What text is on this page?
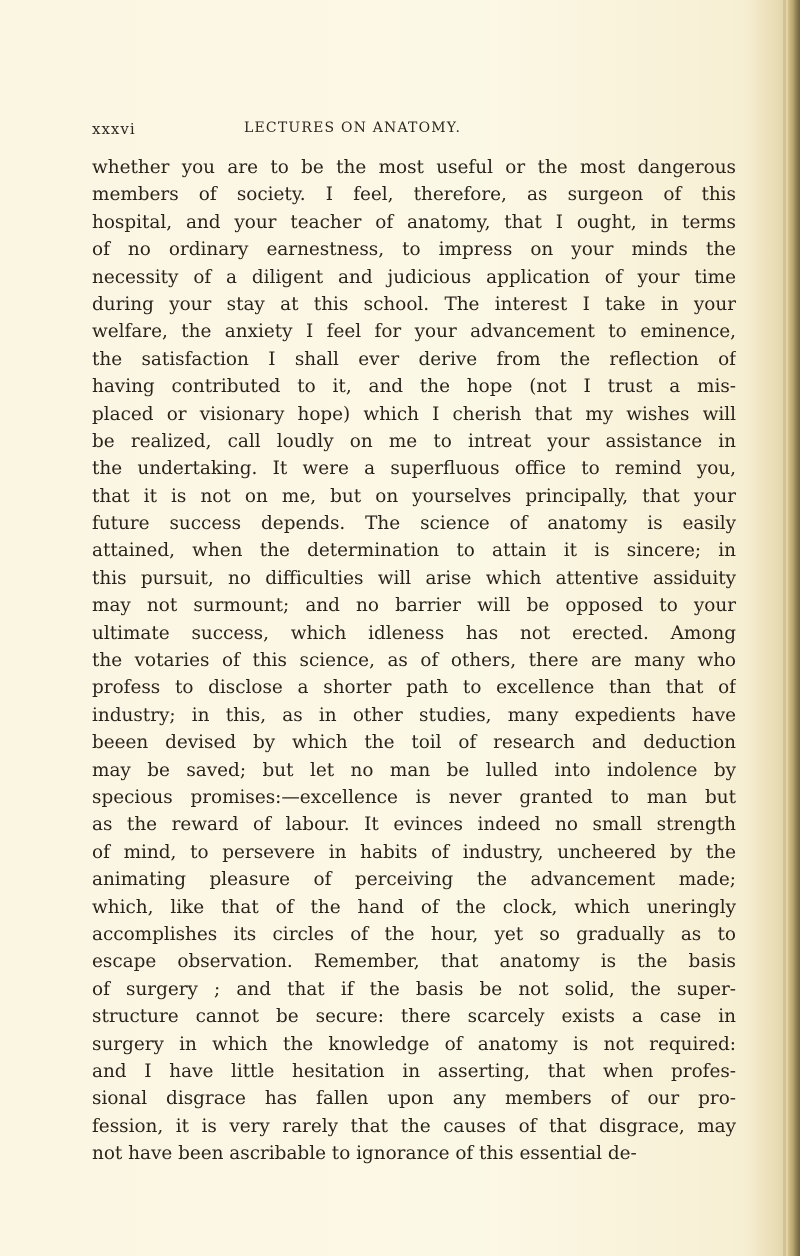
xxxvi	LECTURES ON ANATOMY.
whether you are to be the most useful or the most dangerous
members of society. I feel, therefore, as surgeon of this
hospital, and your teacher of anatomy, that I ought, in terms
of no ordinary earnestness, to impress on your minds the
necessity of a diligent and judicious application of your time
during your stay at this school. The interest I take in your
welfare, the anxiety I feel for your advancement to eminence,
the satisfaction I shall ever derive from the reflection of
having contributed to it, and the hope (not I trust a mis-
placed or visionary hope) which I cherish that my wishes will
be realized, call loudly on me to intreat your assistance in
the undertaking. It were a superfluous office to remind you,
that it is not on me, but on yourselves principally, that your
future success depends. The science of anatomy is easily
attained, when the determination to attain it is sincere; in
this pursuit, no difficulties will arise which attentive assiduity
may not surmount; and no barrier will be opposed to your
ultimate success, which idleness has not erected. Among
the votaries of this science, as of others, there are many who
profess to disclose a shorter path to excellence than that of
industry; in this, as in other studies, many expedients have
beeen devised by which the toil of research and deduction
may be saved; but let no man be lulled into indolence by
specious promises:—excellence is never granted to man but
as the reward of labour. It evinces indeed no small strength
of mind, to persevere in habits of industry, uncheered by the
animating pleasure of perceiving the advancement made;
which, like that of the hand of the clock, which uneringly
accomplishes its circles of the hour, yet so gradually as to
escape observation. Remember, that anatomy is the basis
of surgery ; and that if the basis be not solid, the super-
structure cannot be secure: there scarcely exists a case in
surgery in which the knowledge of anatomy is not required:
and I have little hesitation in asserting, that when profes-
sional disgrace has fallen upon any members of our pro-
fession, it is very rarely that the causes of that disgrace, may
not have been ascribable to ignorance of this essential de-
